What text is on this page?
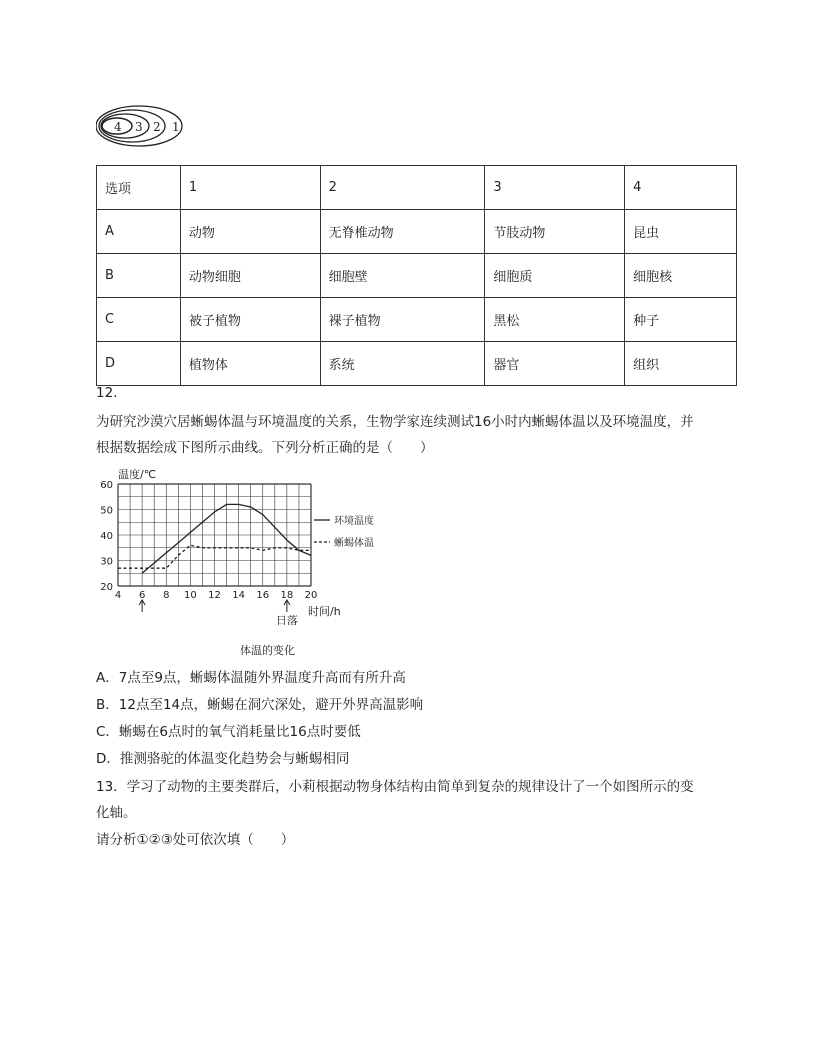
4 3 2 1
选项	1	2	3	4
A	动物	无脊椎动物	节肢动物	昆虫
B	动物细胞	细胞壁	细胞质	细胞核
C	被子植物	裸子植物	黑松	种子
D	植物体	系统	器官	组织
12.
为研究沙漠穴居蜥蜴体温与环境温度的关系，生物学家连续测试16小时内蜥蜴体温以及环境温度，并
根据数据绘成下图所示曲线。下列分析正确的是（　　）
4 6 8 10 12 14 16 18 20
20
30
40
50
60
环境温度
蜥蜴体温
日落
温度/℃
时间/h
体温的变化
A．7点至9点，蜥蜴体温随外界温度升高而有所升高
B．12点至14点，蜥蜴在洞穴深处，避开外界高温影响
C．蜥蜴在6点时的氧气消耗量比16点时要低
D．推测骆驼的体温变化趋势会与蜥蜴相同
13．学习了动物的主要类群后，小莉根据动物身体结构由简单到复杂的规律设计了一个如图所示的变
化轴。
请分析①②③处可依次填（　　）
